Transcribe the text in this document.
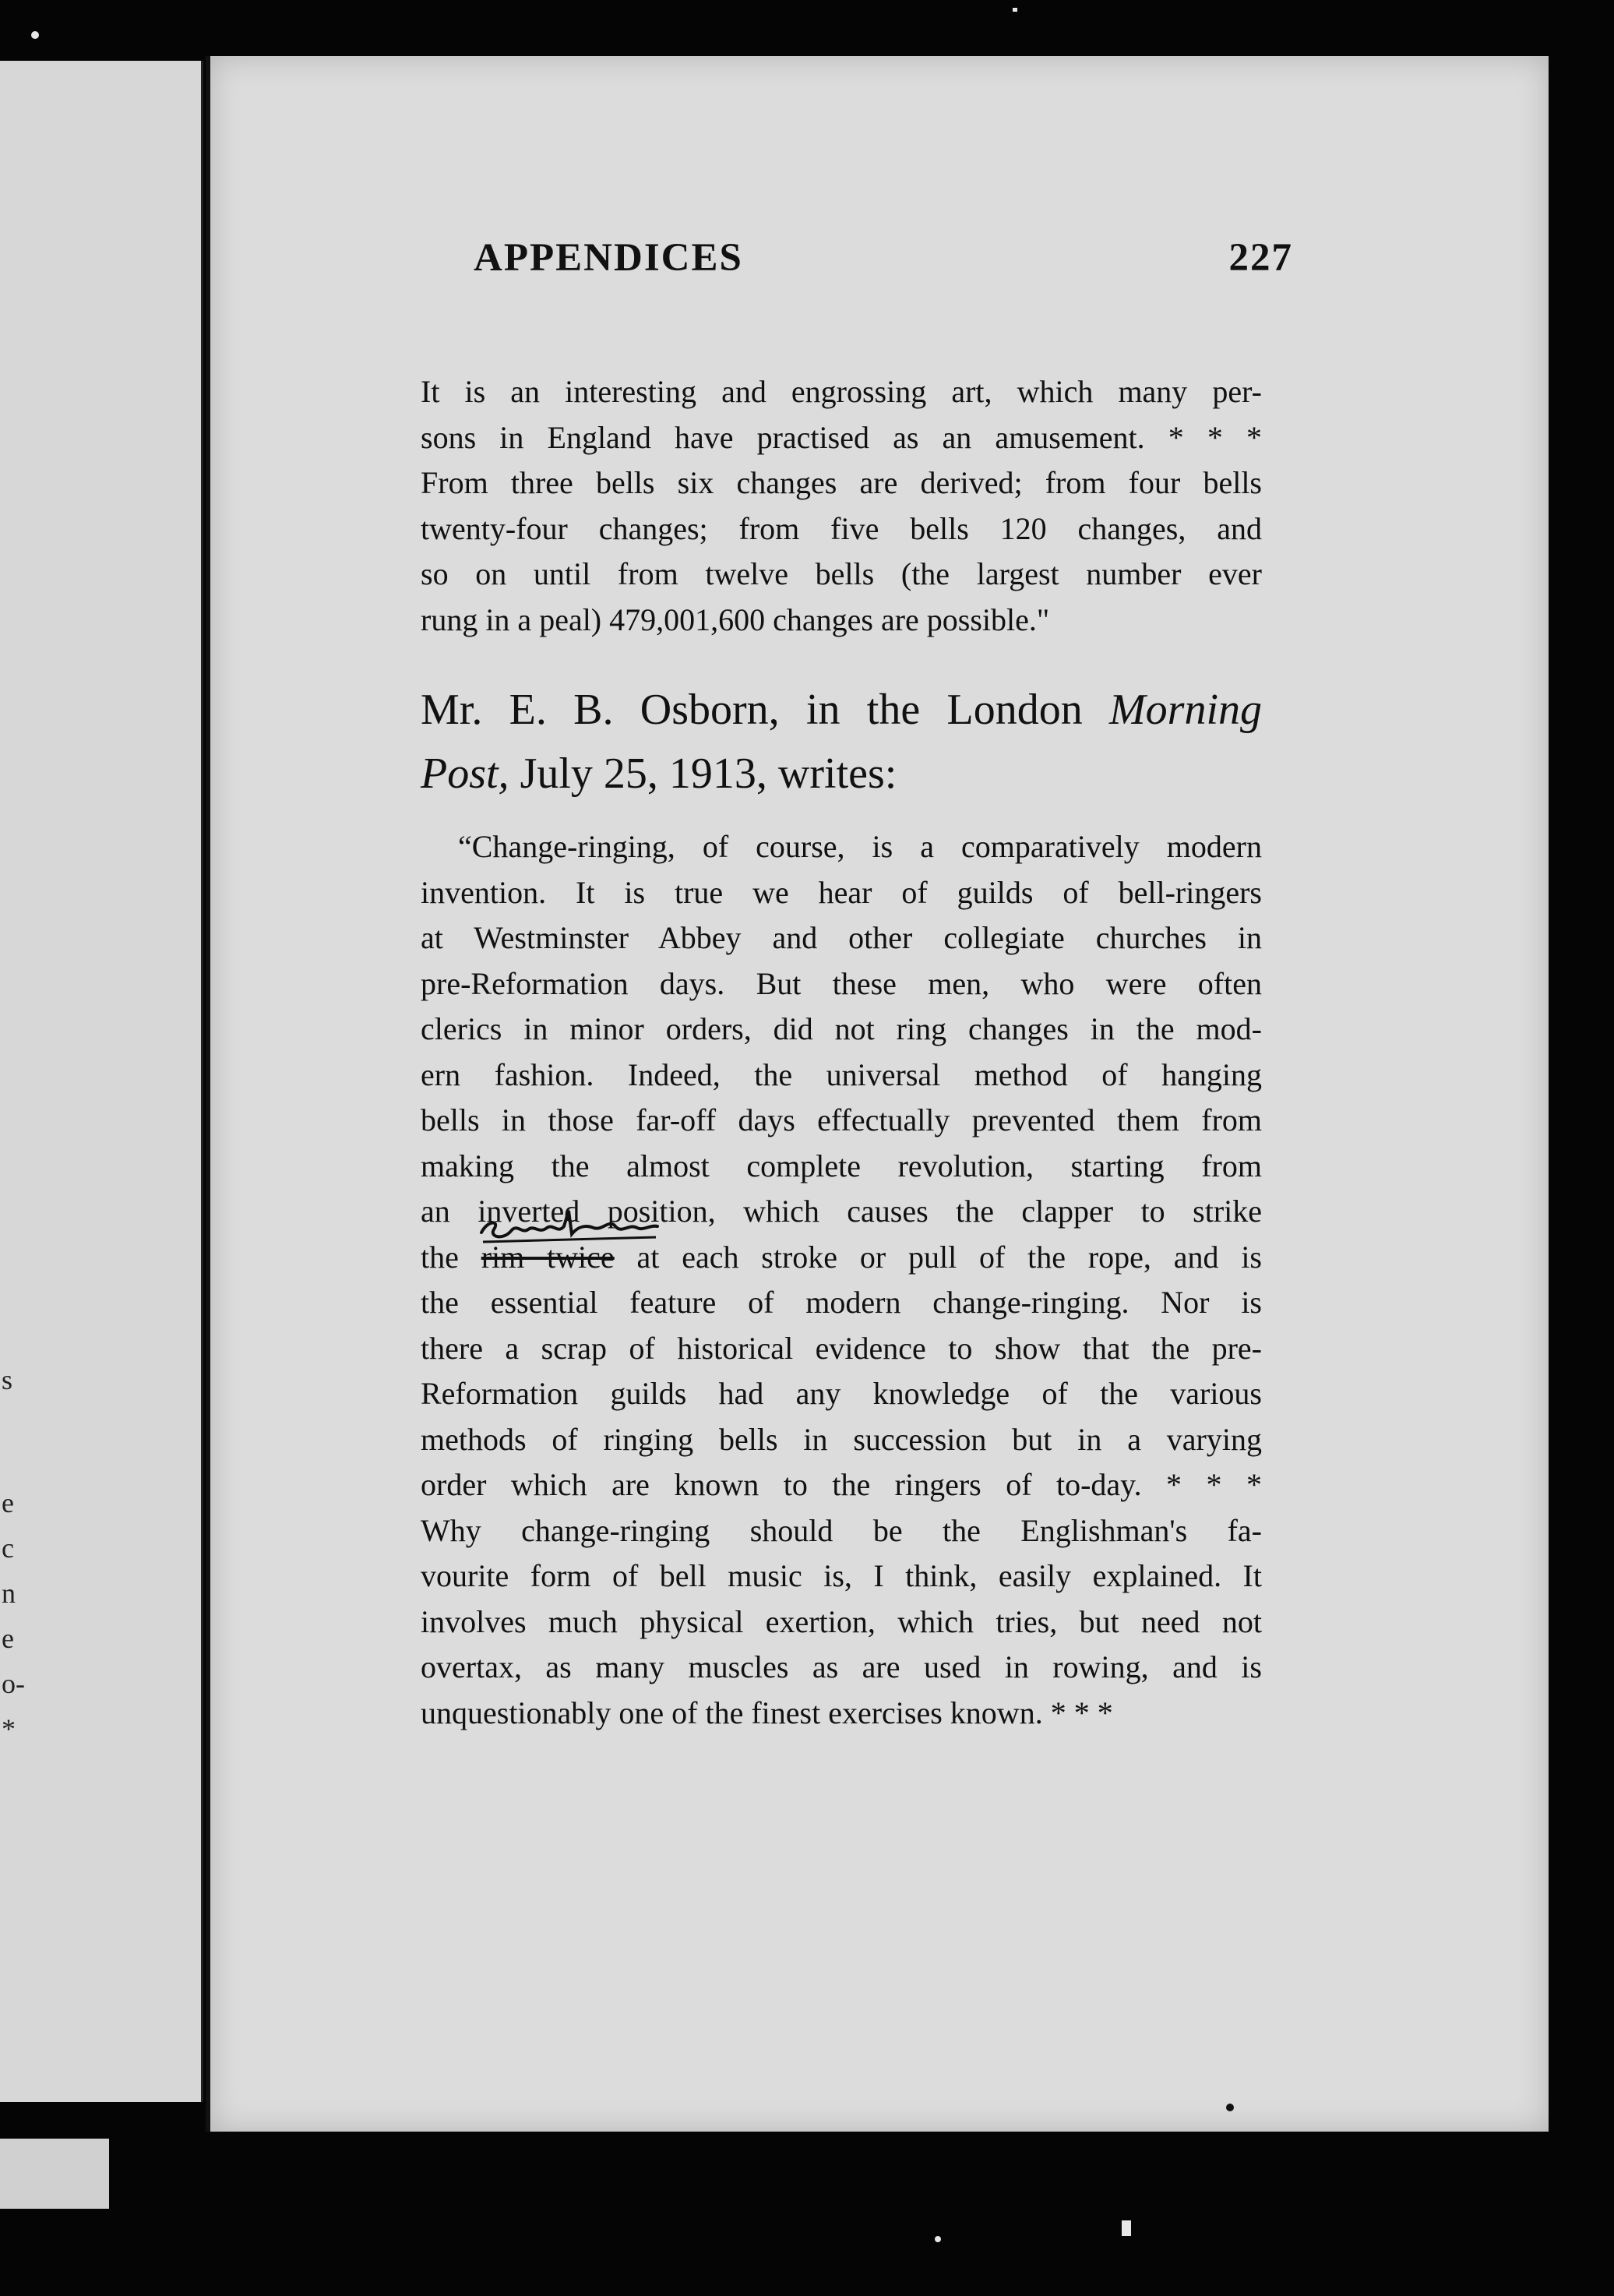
s
e
c
n
e
o-
*
APPENDICES	227
It is an interesting and engrossing art, which many per-
sons in England have practised as an amusement. * * *
From three bells six changes are derived; from four bells
twenty-four changes; from five bells 120 changes, and
so on until from twelve bells (the largest number ever
rung in a peal) 479,001,600 changes are possible."
Mr. E. B. Osborn, in the London Morning
Post, July 25, 1913, writes:
“Change-ringing, of course, is a comparatively modern
invention. It is true we hear of guilds of bell-ringers
at Westminster Abbey and other collegiate churches in
pre-Reformation days. But these men, who were often
clerics in minor orders, did not ring changes in the mod-
ern fashion. Indeed, the universal method of hanging
bells in those far-off days effectually prevented them from
making the almost complete revolution, starting from
an inverted position, which causes the clapper to strike
the rim twice at each stroke or pull of the rope, and is
the essential feature of modern change-ringing. Nor is
there a scrap of historical evidence to show that the pre-
Reformation guilds had any knowledge of the various
methods of ringing bells in succession but in a varying
order which are known to the ringers of to-day. * * *
Why change-ringing should be the Englishman's fa-
vourite form of bell music is, I think, easily explained. It
involves much physical exertion, which tries, but need not
overtax, as many muscles as are used in rowing, and is
unquestionably one of the finest exercises known. * * *
